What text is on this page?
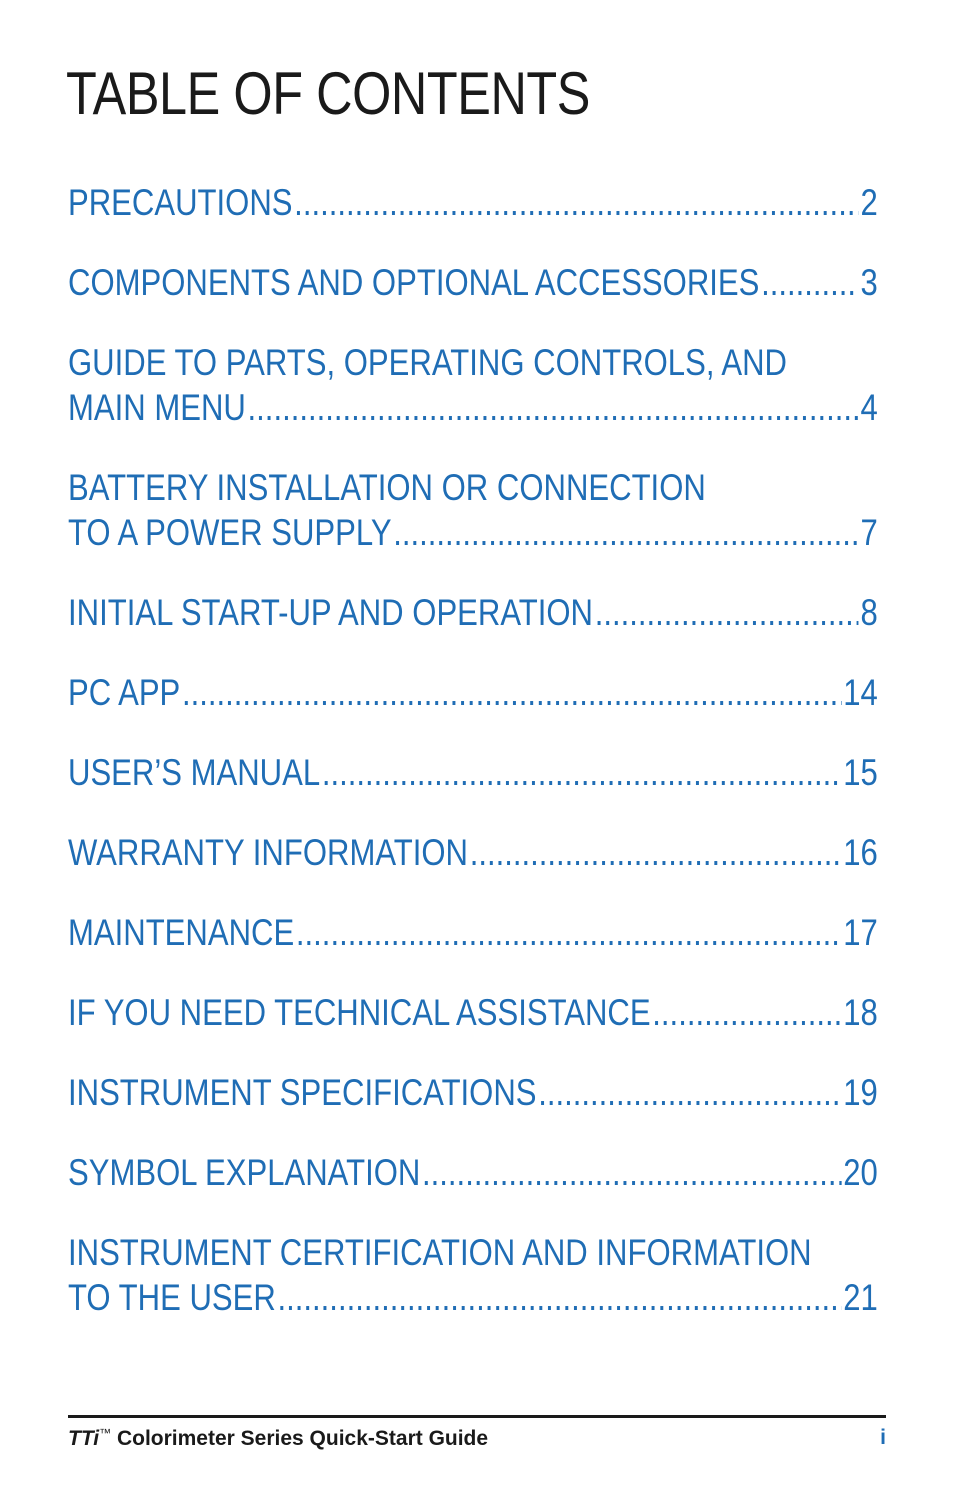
TABLE OF CONTENTS
PRECAUTIONS .....	2
COMPONENTS AND OPTIONAL ACCESSORIES .....	3
GUIDE TO PARTS, OPERATING CONTROLS, AND
MAIN MENU .....	4
BATTERY INSTALLATION OR CONNECTION
TO A POWER SUPPLY .....	7
INITIAL START-UP AND OPERATION .....	8
PC APP .....	14
USER’S MANUAL .....	15
WARRANTY INFORMATION .....	16
MAINTENANCE .....	17
IF YOU NEED TECHNICAL ASSISTANCE .....	18
INSTRUMENT SPECIFICATIONS .....	19
SYMBOL EXPLANATION .....	20
INSTRUMENT CERTIFICATION AND INFORMATION
TO THE USER .....	21
TTi™ Colorimeter Series Quick-Start Guide	i
